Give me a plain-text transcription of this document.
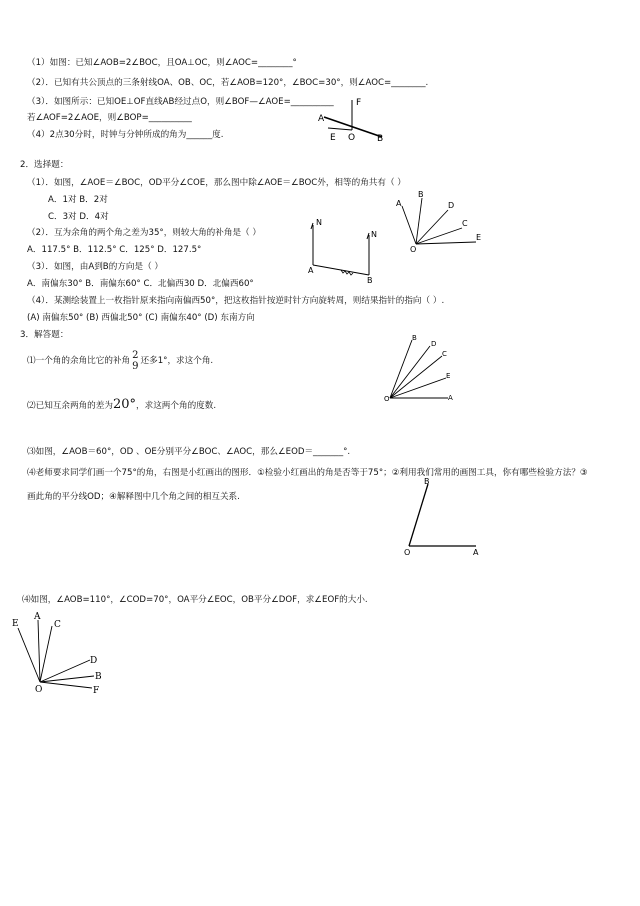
（1）如图：已知∠AOB=2∠BOC，且OA⊥OC，则∠AOC=________°
（2）．已知有共公顶点的三条射线OA、OB、OC，若∠AOB=120°，∠BOC=30°，则∠AOC=________.
（3）．如图所示：已知OE⊥OF直线AB经过点O，则∠BOF—∠AOE=__________
若∠AOF=2∠AOE，则∠BOP=__________
（4）2点30分时，时钟与分钟所成的角为______度.
F
A
E O B
2．选择题：
（1）．如图，∠AOE＝∠BOC，OD平分∠COE，那么图中除∠AOE＝∠BOC外，相等的角共有（ ）
A．1对 B．2对
C．3对 D．4对
（2）．互为余角的两个角之差为35°，则较大角的补角是（ ）
A．117.5° B．112.5° C．125° D．127.5°
（3）．如图，由A到B的方向是（ ）
A．南偏东30° B．南偏东60° C．北偏西30 D．北偏西60°
（4）．某测绘装置上一枚指针原来指向南偏西50°，把这枚指针按逆时针方向旋转周，则结果指针的指向（ ）.
(A) 南偏东50° (B) 西偏北50° (C) 南偏东40° (D) 东南方向
N
N
A
B
A
B
D
C
E
O
3．解答题：
⑴一个角的余角比它的补角
2
9 还多1°，求这个角.
⑵已知互余两角的差为20°，求这两个角的度数.
B
D
C
E
A
O
⑶如图，∠AOB＝60°，OD 、OE分别平分∠BOC、∠AOC，那么∠EOD＝_______°.
⑷老师要求同学们画一个75°的角，右图是小红画出的图形．①检验小红画出的角是否等于75°；②利用我们常用的画图工具，你有哪些检验方法？③
画此角的平分线OD；④解释图中几个角之间的相互关系.
B
O	A
⑷如图，∠AOB=110°，∠COD=70°，OA平分∠EOC，OB平分∠DOF，求∠EOF的大小.
E
A
C
D
B
F
O
